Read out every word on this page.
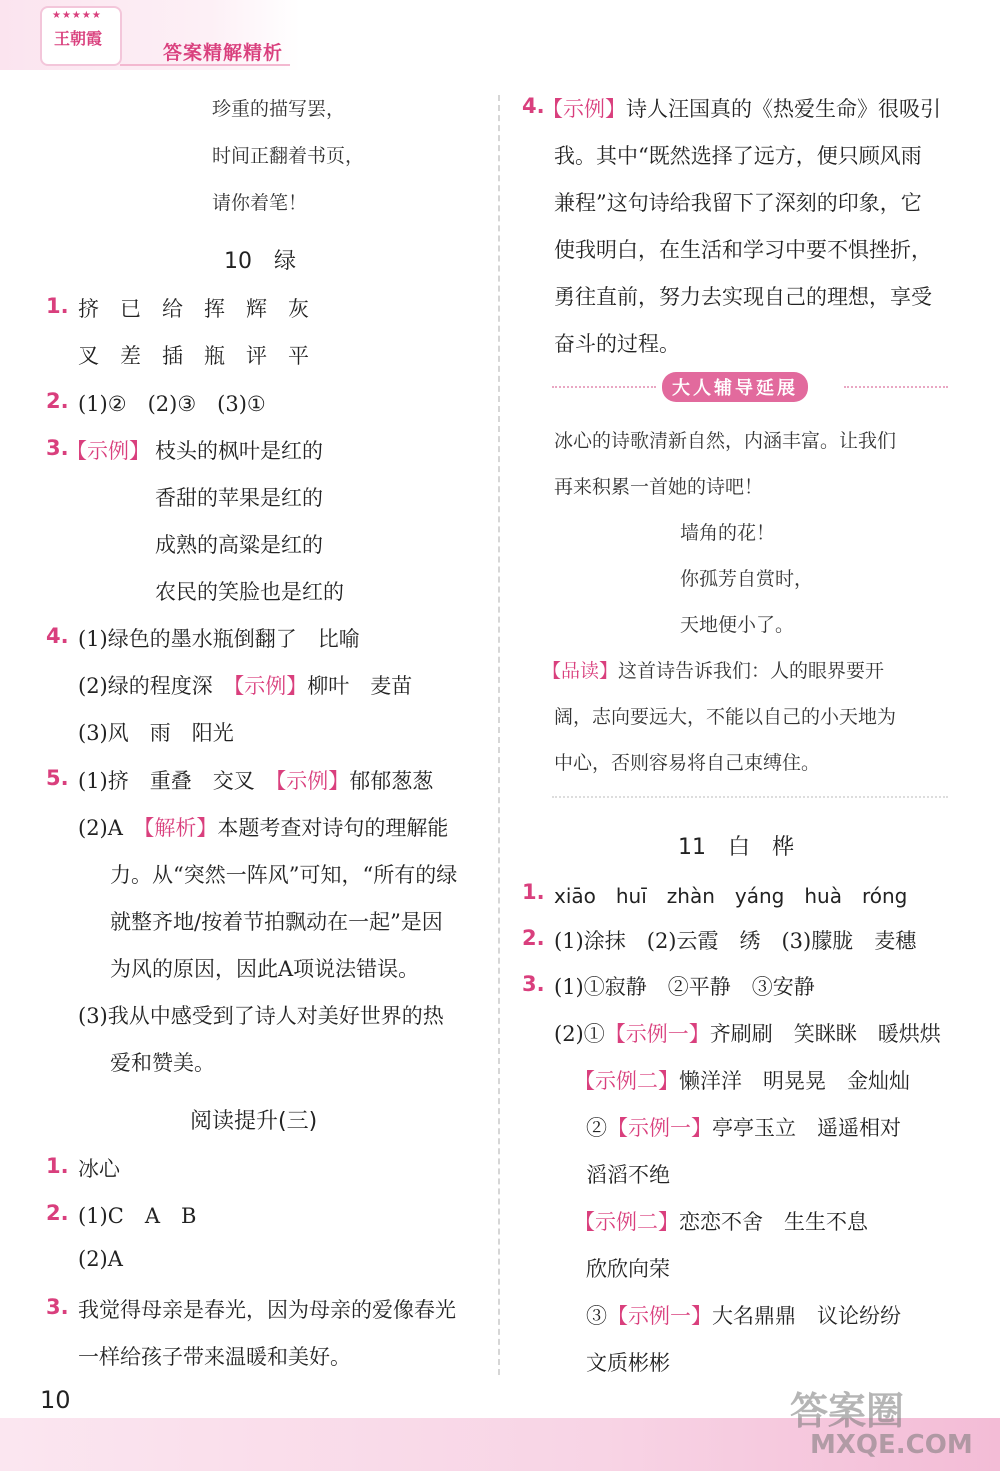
★★★★★
王朝霞
答案精解精析
珍重的描写罢，
时间正翻着书页，
请你着笔！
10　绿
1. 挤　已　给　挥　辉　灰
叉　差　插　瓶　评　平
2. (1)②　(2)③　(3)①
3.
【示例】 枝头的枫叶是红的
香甜的苹果是红的
成熟的高粱是红的
农民的笑脸也是红的
4. (1)绿色的墨水瓶倒翻了　比喻
(2)绿的程度深　【示例】柳叶　麦苗
(3)风　雨　阳光
5. (1)挤　重叠　交叉　【示例】郁郁葱葱
(2)A　【解析】本题考查对诗句的理解能
力。从“突然一阵风”可知，“所有的绿
就整齐地/按着节拍飘动在一起”是因
为风的原因，因此A项说法错误。
(3)我从中感受到了诗人对美好世界的热
爱和赞美。
阅读提升(三)
1. 冰心
2. (1)C　A　B
(2)A
3. 我觉得母亲是春光，因为母亲的爱像春光
一样给孩子带来温暖和美好。
4.
【示例】诗人汪国真的《热爱生命》很吸引
我。其中“既然选择了远方，便只顾风雨
兼程”这句诗给我留下了深刻的印象，它
使我明白，在生活和学习中要不惧挫折，
勇往直前，努力去实现自己的理想，享受
奋斗的过程。
大人辅导延展
冰心的诗歌清新自然，内涵丰富。让我们
再来积累一首她的诗吧！
墙角的花！
你孤芳自赏时，
天地便小了。
【品读】这首诗告诉我们：人的眼界要开
阔，志向要远大，不能以自己的小天地为
中心，否则容易将自己束缚住。
11　白　桦
1. xiāo　huī　zhàn　yáng　huà　róng
2. (1)涂抹　(2)云霞　绣　(3)朦胧　麦穗
3. (1)①寂静　②平静　③安静
(2)①【示例一】齐刷刷　笑眯眯　暖烘烘
【示例二】懒洋洋　明晃晃　金灿灿
②【示例一】亭亭玉立　遥遥相对
滔滔不绝
【示例二】恋恋不舍　生生不息
欣欣向荣
③【示例一】大名鼎鼎　议论纷纷
文质彬彬
10	答案圈
MXQE.COM
